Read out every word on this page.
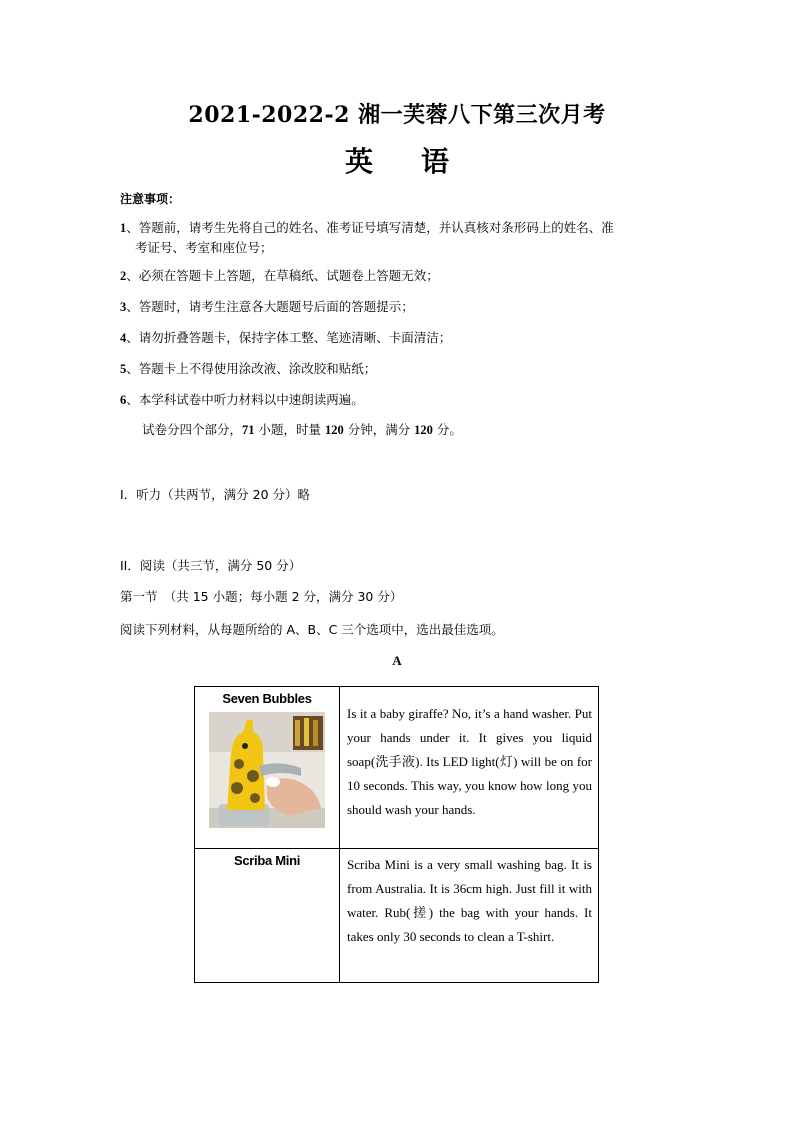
2021-2022-2 湘一芙蓉八下第三次月考
英语
注意事项：
1、答题前，请考生先将自己的姓名、准考证号填写清楚，并认真核对条形码上的姓名、准
考证号、考室和座位号；
2、必须在答题卡上答题，在草稿纸、试题卷上答题无效；
3、答题时，请考生注意各大题题号后面的答题提示；
4、请勿折叠答题卡，保持字体工整、笔迹清晰、卡面清洁；
5、答题卡上不得使用涂改液、涂改胶和贴纸；
6、本学科试卷中听力材料以中速朗读两遍。
试卷分四个部分，71 小题，时量 120 分钟，满分 120 分。
I．听力（共两节，满分 20 分）略
II．阅读（共三节，满分 50 分）
第一节　（共 15 小题；每小题 2 分，满分 30 分）
阅读下列材料，从每题所给的 A、B、C 三个选项中，选出最佳选项。
A
Seven Bubbles	Is it a baby giraffe? No, it’s a hand washer. Put your hands under it. It gives you liquid soap(洗手液). Its LED light(灯) will be on for 10 seconds. This way, you know how long you should wash your hands.

Scriba Mini	Scriba Mini is a very small washing bag. It is from Australia. It is 36cm high. Just fill it with water. Rub(搓) the bag with your hands. It takes only 30 seconds to clean a T-shirt.
